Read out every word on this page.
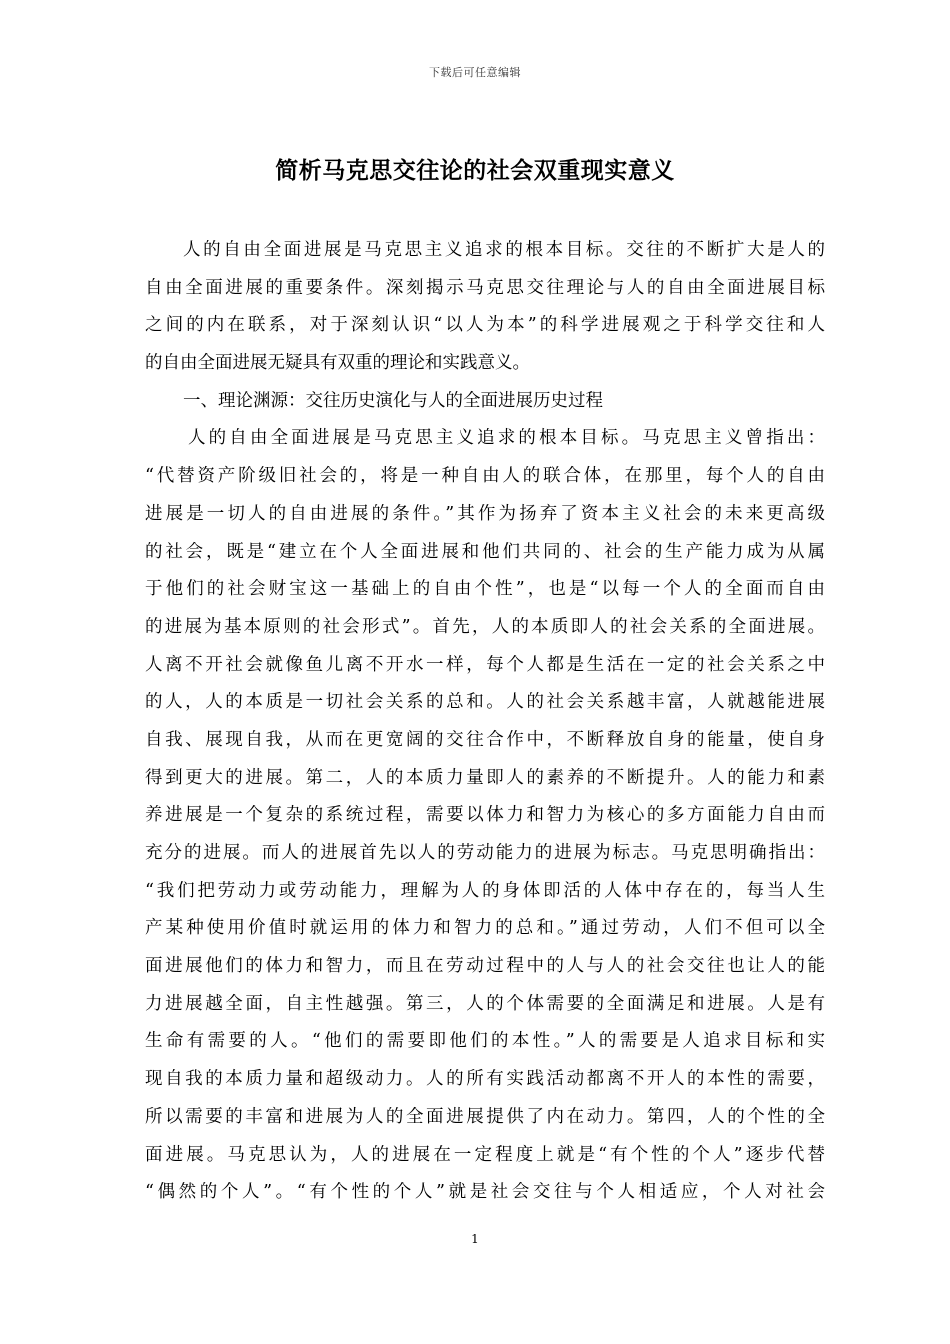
下载后可任意编辑
简析马克思交往论的社会双重现实意义
人的自由全面进展是马克思主义追求的根本目标。交往的不断扩大是人的
自由全面进展的重要条件。深刻揭示马克思交往理论与人的自由全面进展目标
之间的内在联系，对于深刻认识“以人为本”的科学进展观之于科学交往和人
的自由全面进展无疑具有双重的理论和实践意义。
一、理论渊源：交往历史演化与人的全面进展历史过程
人的自由全面进展是马克思主义追求的根本目标。马克思主义曾指出：
“代替资产阶级旧社会的，将是一种自由人的联合体，在那里，每个人的自由
进展是一切人的自由进展的条件。”其作为扬弃了资本主义社会的未来更高级
的社会，既是“建立在个人全面进展和他们共同的、社会的生产能力成为从属
于他们的社会财宝这一基础上的自由个性”，也是“以每一个人的全面而自由
的进展为基本原则的社会形式”。首先，人的本质即人的社会关系的全面进展。
人离不开社会就像鱼儿离不开水一样，每个人都是生活在一定的社会关系之中
的人，人的本质是一切社会关系的总和。人的社会关系越丰富，人就越能进展
自我、展现自我，从而在更宽阔的交往合作中，不断释放自身的能量，使自身
得到更大的进展。第二，人的本质力量即人的素养的不断提升。人的能力和素
养进展是一个复杂的系统过程，需要以体力和智力为核心的多方面能力自由而
充分的进展。而人的进展首先以人的劳动能力的进展为标志。马克思明确指出：
“我们把劳动力或劳动能力，理解为人的身体即活的人体中存在的，每当人生
产某种使用价值时就运用的体力和智力的总和。”通过劳动，人们不但可以全
面进展他们的体力和智力，而且在劳动过程中的人与人的社会交往也让人的能
力进展越全面，自主性越强。第三，人的个体需要的全面满足和进展。人是有
生命有需要的人。“他们的需要即他们的本性。”人的需要是人追求目标和实
现自我的本质力量和超级动力。人的所有实践活动都离不开人的本性的需要，
所以需要的丰富和进展为人的全面进展提供了内在动力。第四，人的个性的全
面进展。马克思认为，人的进展在一定程度上就是“有个性的个人”逐步代替
“偶然的个人”。“有个性的个人”就是社会交往与个人相适应，个人对社会
1
